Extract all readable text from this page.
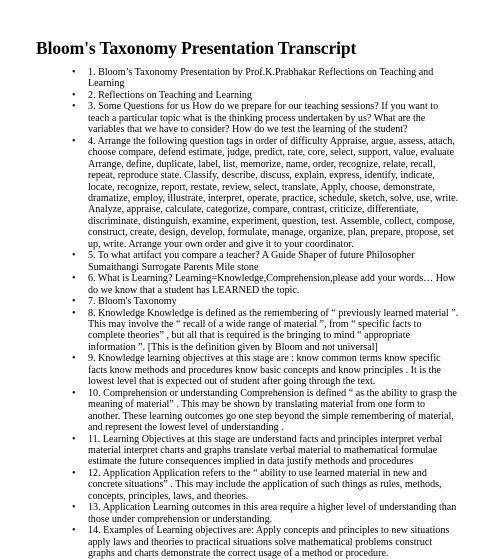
Bloom's Taxonomy Presentation Transcript
• 1. Bloom’s Taxonomy Presentation by Prof.K.Prabhakar Reflections on Teaching and Learning
• 2. Reflections on Teaching and Learning
• 3. Some Questions for us How do we prepare for our teaching sessions? If you want to teach a particular topic what is the thinking process undertaken by us? What are the variables that we have to consider? How do we test the learning of the student?
• 4. Arrange the following question tags in order of difficulty Appraise, argue, assess, attach, choose compare, defend estimate, judge, predict, rate, core, select, support, value, evaluate Arrange, define, duplicate, label, list, memorize, name, order, recognize, relate, recall, repeat, reproduce state. Classify, describe, discuss, explain, express, identify, indicate, locate, recognize, report, restate, review, select, translate, Apply, choose, demonstrate, dramatize, employ, illustrate, interpret, operate, practice, schedule, sketch, solve, use, write. Analyze, appraise, calculate, categorize, compare, contrast, criticize, differentiate, discriminate, distinguish, examine, experiment, question, test. Assemble, collect, compose, construct, create, design, develop, formulate, manage, organize, plan, prepare, propose, set up, write. Arrange your own order and give it to your coordinator.
• 5. To what artifact you compare a teacher? A Guide Shaper of future Philosopher Sumaithangi Surrogate Parents Mile stone
• 6. What is Learning? Learning=Knowledge,Comprehension,please add your words… How do we know that a student has LEARNED the topic.
• 7. Bloom's Taxonomy
• 8. Knowledge Knowledge is defined as the remembering of “ previously learned material ”. This may involve the “ recall of a wide range of material ”, from “ specific facts to complete theories” , but all that is required is the bringing to mind “ appropriate information ”. [This is the definition given by Bloom and not universal]
• 9. Knowledge learning objectives at this stage are : know common terms know specific facts know methods and procedures know basic concepts and know principles . It is the lowest level that is expected out of student after going through the text.
• 10. Comprehension or understanding Comprehension is defined “ as the ability to grasp the meaning of material” . This may be shown by translating material from one form to another. These learning outcomes go one step beyond the simple remembering of material, and represent the lowest level of understanding .
• 11. Learning Objectives at this stage are understand facts and principles interpret verbal material interpret charts and graphs translate verbal material to mathematical formulae estimate the future consequences implied in data justify methods and procedures
• 12. Application Application refers to the “ ability to use learned material in new and concrete situations” . This may include the application of such things as rules, methods, concepts, principles, laws, and theories.
• 13. Application Learning outcomes in this area require a higher level of understanding than those under comprehension or understanding.
• 14. Examples of Learning objectives are: Apply concepts and principles to new situations apply laws and theories to practical situations solve mathematical problems construct graphs and charts demonstrate the correct usage of a method or procedure.
